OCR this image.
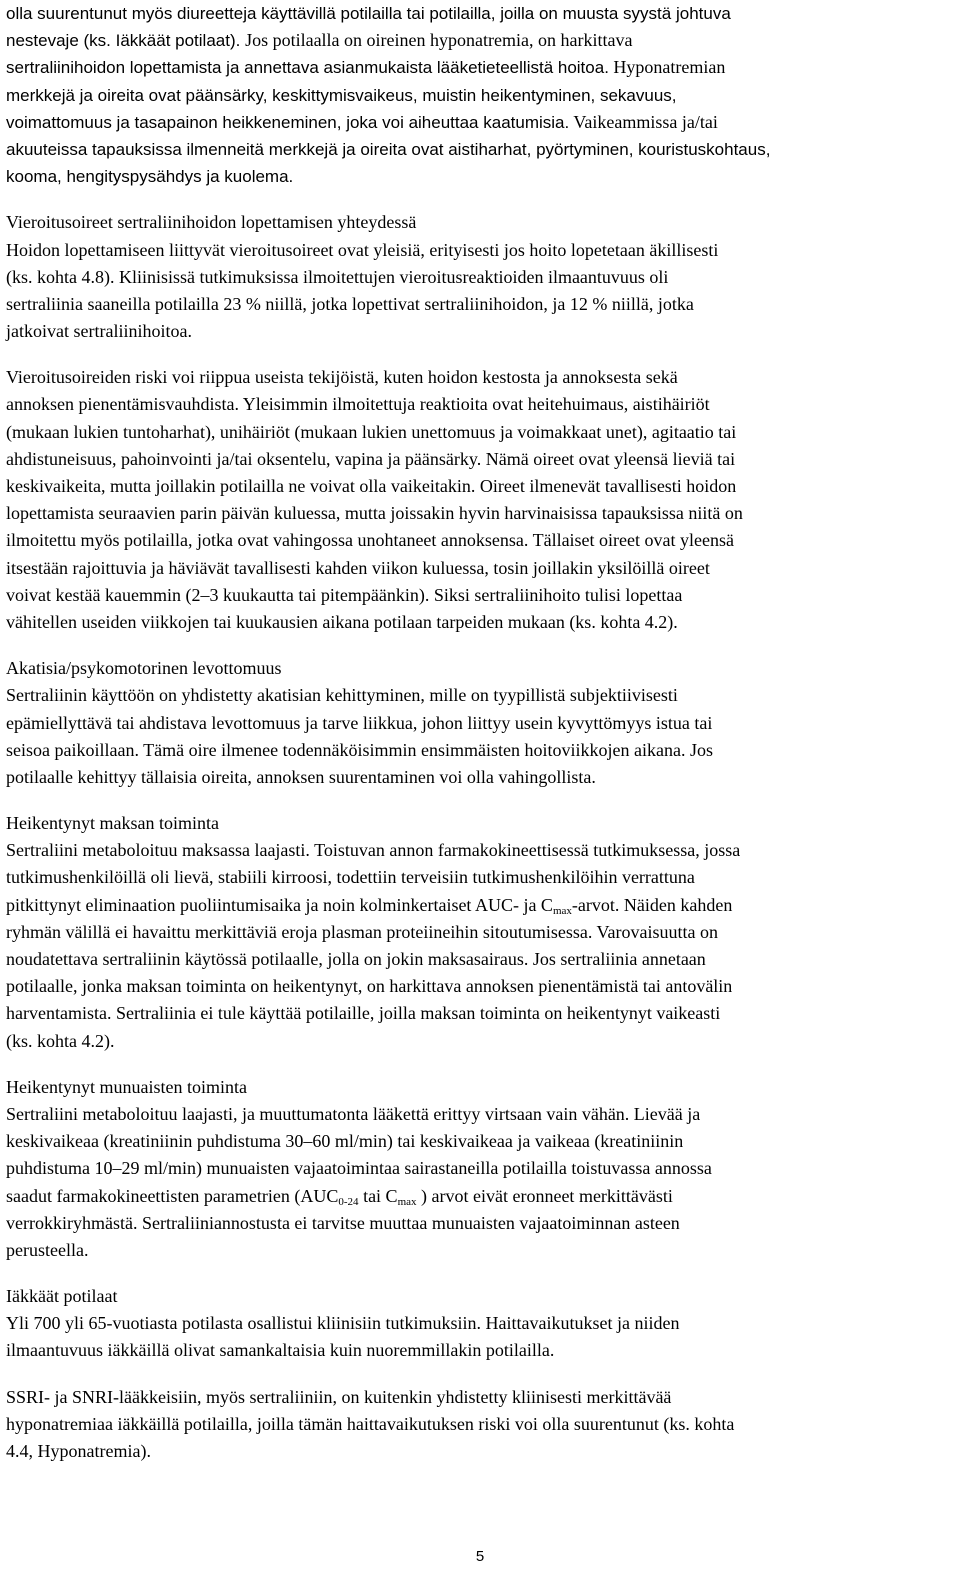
olla suurentunut myös diureetteja käyttävillä potilailla tai potilailla, joilla on muusta syystä johtuva
nestevaje (ks. Iäkkäät potilaat). Jos potilaalla on oireinen hyponatremia, on harkittava
sertraliinihoidon lopettamista ja annettava asianmukaista lääketieteellistä hoitoa. Hyponatremian
merkkejä ja oireita ovat päänsärky, keskittymisvaikeus, muistin heikentyminen, sekavuus,
voimattomuus ja tasapainon heikkeneminen, joka voi aiheuttaa kaatumisia. Vaikeammissa ja/tai
akuuteissa tapauksissa ilmenneitä merkkejä ja oireita ovat aistiharhat, pyörtyminen, kouristuskohtaus,
kooma, hengityspysähdys ja kuolema.
Vieroitusoireet sertraliinihoidon lopettamisen yhteydessä
Hoidon lopettamiseen liittyvät vieroitusoireet ovat yleisiä, erityisesti jos hoito lopetetaan äkillisesti
(ks. kohta 4.8). Kliinisissä tutkimuksissa ilmoitettujen vieroitusreaktioiden ilmaantuvuus oli
sertraliinia saaneilla potilailla 23 % niillä, jotka lopettivat sertraliinihoidon, ja 12 % niillä, jotka
jatkoivat sertraliinihoitoa.
Vieroitusoireiden riski voi riippua useista tekijöistä, kuten hoidon kestosta ja annoksesta sekä
annoksen pienentämisvauhdista. Yleisimmin ilmoitettuja reaktioita ovat heitehuimaus, aistihäiriöt
(mukaan lukien tuntoharhat), unihäiriöt (mukaan lukien unettomuus ja voimakkaat unet), agitaatio tai
ahdistuneisuus, pahoinvointi ja/tai oksentelu, vapina ja päänsärky. Nämä oireet ovat yleensä lieviä tai
keskivaikeita, mutta joillakin potilailla ne voivat olla vaikeitakin. Oireet ilmenevät tavallisesti hoidon
lopettamista seuraavien parin päivän kuluessa, mutta joissakin hyvin harvinaisissa tapauksissa niitä on
ilmoitettu myös potilailla, jotka ovat vahingossa unohtaneet annoksensa. Tällaiset oireet ovat yleensä
itsestään rajoittuvia ja häviävät tavallisesti kahden viikon kuluessa, tosin joillakin yksilöillä oireet
voivat kestää kauemmin (2–3 kuukautta tai pitempäänkin). Siksi sertraliinihoito tulisi lopettaa
vähitellen useiden viikkojen tai kuukausien aikana potilaan tarpeiden mukaan (ks. kohta 4.2).
Akatisia/psykomotorinen levottomuus
Sertraliinin käyttöön on yhdistetty akatisian kehittyminen, mille on tyypillistä subjektiivisesti
epämiellyttävä tai ahdistava levottomuus ja tarve liikkua, johon liittyy usein kyvyttömyys istua tai
seisoa paikoillaan. Tämä oire ilmenee todennäköisimmin ensimmäisten hoitoviikkojen aikana. Jos
potilaalle kehittyy tällaisia oireita, annoksen suurentaminen voi olla vahingollista.
Heikentynyt maksan toiminta
Sertraliini metaboloituu maksassa laajasti. Toistuvan annon farmakokineettisessä tutkimuksessa, jossa
tutkimushenkilöillä oli lievä, stabiili kirroosi, todettiin terveisiin tutkimushenkilöihin verrattuna
pitkittynyt eliminaation puoliintumisaika ja noin kolminkertaiset AUC- ja $C_{max}$-arvot. Näiden kahden
ryhmän välillä ei havaittu merkittäviä eroja plasman proteiineihin sitoutumisessa. Varovaisuutta on
noudatettava sertraliinin käytössä potilaalle, jolla on jokin maksasairaus. Jos sertraliinia annetaan
potilaalle, jonka maksan toiminta on heikentynyt, on harkittava annoksen pienentämistä tai antovälin
harventamista. Sertraliinia ei tule käyttää potilaille, joilla maksan toiminta on heikentynyt vaikeasti
(ks. kohta 4.2).
Heikentynyt munuaisten toiminta
Sertraliini metaboloituu laajasti, ja muuttumatonta lääkettä erittyy virtsaan vain vähän. Lievää ja
keskivaikeaa (kreatiniinin puhdistuma 30–60 ml/min) tai keskivaikeaa ja vaikeaa (kreatiniinin
puhdistuma 10–29 ml/min) munuaisten vajaatoimintaa sairastaneilla potilailla toistuvassa annossa
saadut farmakokineettisten parametrien ($AUC_{0-24}$ tai $C_{max}$ ) arvot eivät eronneet merkittävästi
verrokkiryhmästä. Sertraliiniannostusta ei tarvitse muuttaa munuaisten vajaatoiminnan asteen
perusteella.
Iäkkäät potilaat
Yli 700 yli 65-vuotiasta potilasta osallistui kliinisiin tutkimuksiin. Haittavaikutukset ja niiden
ilmaantuvuus iäkkäillä olivat samankaltaisia kuin nuoremmillakin potilailla.
SSRI- ja SNRI-lääkkeisiin, myös sertraliiniin, on kuitenkin yhdistetty kliinisesti merkittävää
hyponatremiaa iäkkäillä potilailla, joilla tämän haittavaikutuksen riski voi olla suurentunut (ks. kohta
4.4, Hyponatremia).
5
